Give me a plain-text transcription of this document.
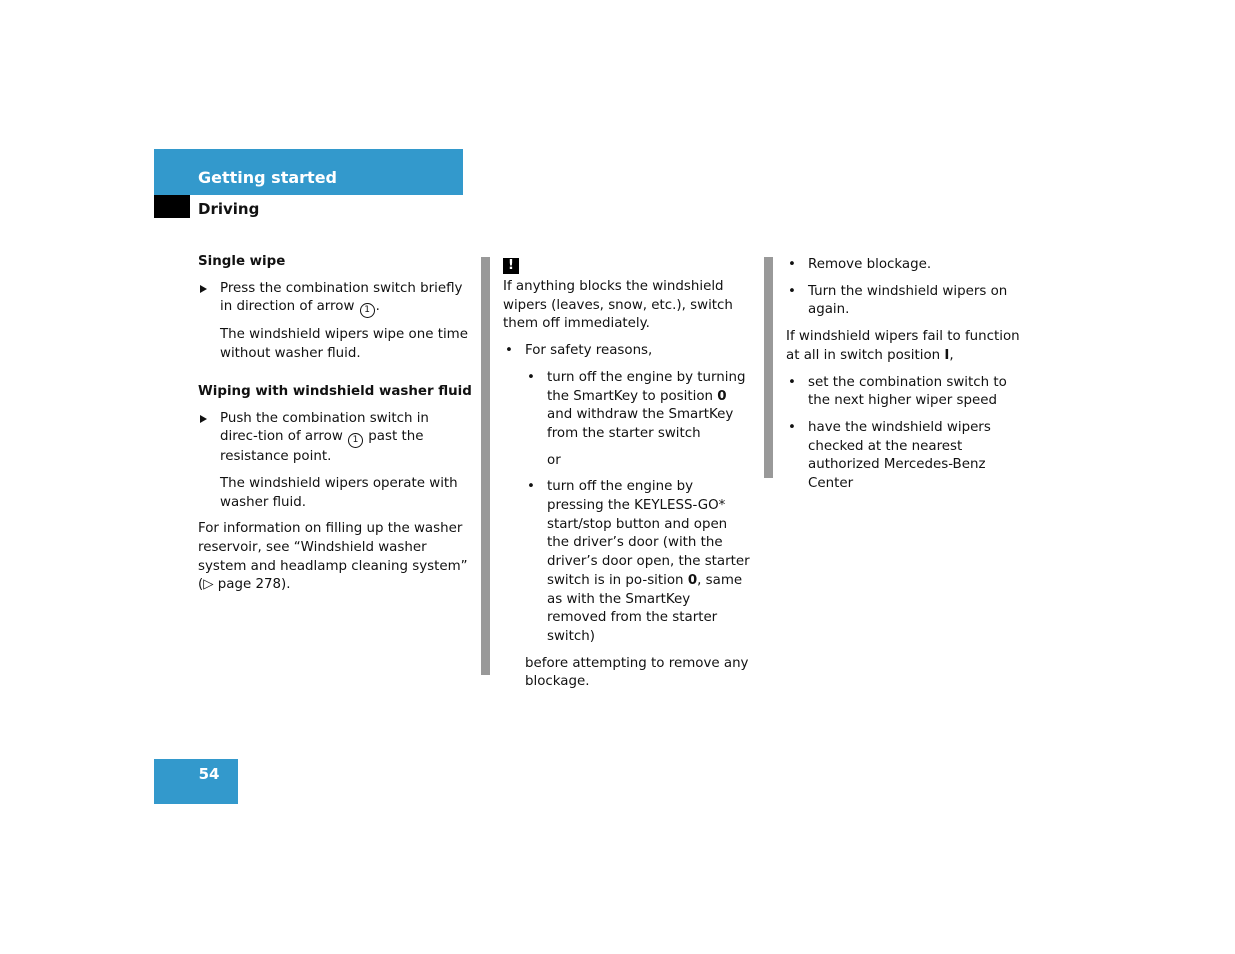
Getting started
Driving
Single wipe
Press the combination switch briefly in direction of arrow 1 .
The windshield wipers wipe one time without washer fluid.
Wiping with windshield washer fluid
Push the combination switch in direc-tion of arrow 1 past the resistance point.
The windshield wipers operate with washer fluid.
For information on filling up the washer reservoir, see “Windshield washer system and headlamp cleaning system”
(▷ page 278).
!
If anything blocks the windshield wipers (leaves, snow, etc.), switch them off immediately.
• For safety reasons,
• turn off the engine by turning the SmartKey to position 0 and withdraw the SmartKey from the starter switch
or
• turn off the engine by pressing the KEYLESS-GO* start/stop button and open the driver’s door (with the driver’s door open, the starter switch is in po-sition 0, same as with the SmartKey removed from the starter switch)
before attempting to remove any blockage.
• Remove blockage.
• Turn the windshield wipers on again.
If windshield wipers fail to function at all in switch position I,
• set the combination switch to the next higher wiper speed
• have the windshield wipers checked at the nearest authorized Mercedes-Benz Center
54
